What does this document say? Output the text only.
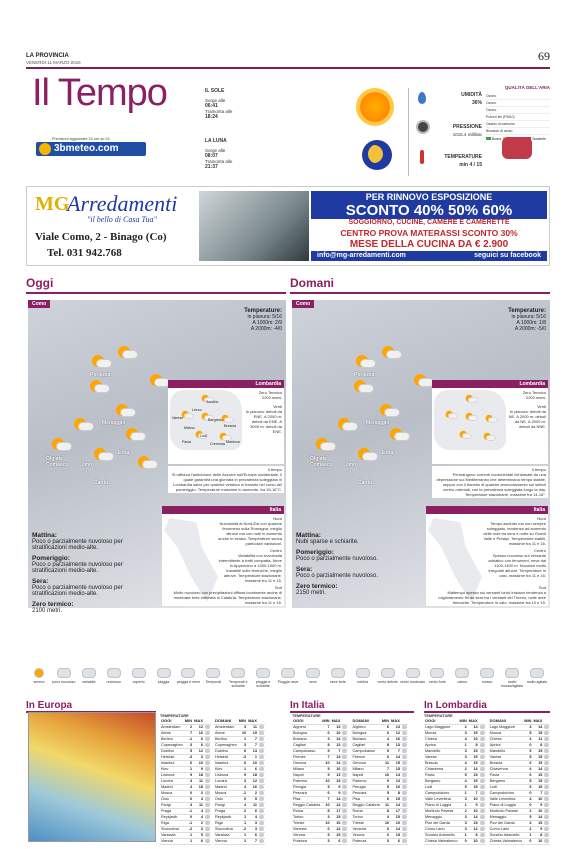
LA PROVINCIA
VENERDÌ 11 MARZO 2016	69
Il Tempo
Previsioni aggiornate 24 ore su 24
3bmeteo.com
IL SOLE
Sorge alle
06:41
Tramonta alle
18:24
LA LUNA
Sorge alle
08:07
Tramonta alle
21:37
UMIDITÀ
36%
PRESSIONE
1015.4 millibar
TEMPERATURE
min 4 / 15
QUALITÀ DELL'ARIA
Ozono
Ozono
Ozono
Polveri fini (PM10)
Ossido di carbonio
Biossido di azoto
Buona	Scadente
MG
Arredamenti
"il bello di Casa Tua"
Viale Como, 2 - Binago (Co)
Tel. 031 942.768
PER RINNOVO ESPOSIZIONE
SCONTO 40% 50% 60%
SOGGIORNO, CUCINE, CAMERE E CAMERETTE
CENTRO PROVA MATERASSI SCONTO 30%
MESE DELLA CUCINA DA € 2.900
info@mg-arredamenti.com	seguici su facebook
Oggi	Domani
Como
Temperature:
in pianura: 5/16
A 1000m: 2/9
A 2000m: -4/0
Porlezza
Menaggio
Como
Olgiate Comasco
Cantù
Erba
Lombardia
Sondrio
Lecco
Varese	Bergamo
Brescia
Milano
Lodi
Pavia	Cremona Mantova
Zero Termico
2200 metri.
Venti
In pianura: deboli da ENE. A 2000 m: deboli da ENE. A 3000 m: deboli da ENE.
Il tempo
Si rafforza l'anticiclone delle Azzorre sull'Europa occidentale, il quale garantirà una giornata in prevalenza soleggiata in Lombardia salvo per qualche velatura in transito nel corso del pomeriggio. Temperature massime in aumento, tra 15-16°C.
Italia
Nord
Nuvolosità al Nord-Est con qualche fenomeno sulla Romagna, meglio altrove ma con nubi in aumento anche in serata. Temperature senza particolari variazioni.
Centro
Variabilità con nuvolosità intermittente a tratti compatta. Neve in Appennino a 1300-1900 m. Instabile sulle tirreniche, meglio altrove. Temperature stazionarie, massime tra 11 e 15.
Sud
Molto nuvoloso con precipitazioni diffuse localmente anche di moderata forte intensità in Calabria. Temperature stazionarie, massime tra 11 e 16.
Mattina:
Poco o parzialmente nuvoloso per stratificazioni medio-alte.
Pomeriggio:
Poco o parzialmente nuvoloso per stratificazioni medio-alte.
Sera:
Poco o parzialmente nuvoloso per stratificazioni medio-alte.
Zero termico:
2100 metri.
Como
Temperature:
in pianura: 5/16
A 1000m: 1/8
A 2000m: -5/0
Porlezza
Menaggio
Como
Olgiate Comasco
Cantù
Erba
Lombardia
Zero Termico
2200 metri.
Venti
In pianura: deboli da NE. A 2000 m: deboli da NE. A 3000 m: deboli da NNE.
Il tempo
Permangono correnti nordorientali richiamate da una depressione sul Mediterraneo che determinano tempo stabile, seppur con il transito di qualche annuvolamento sui settori centro-orientali, con la prevalenza soleggiata lungo la day. Temperature stazionarie, massime tra 14-16°.
Italia
Nord
Tempo asciutto ma non sempre soleggiato, tendenza ad aumento delle nubi tra sera e notte su Grand Valle e Prealpi. Temperature stabili, massime tra 11 e 16.
Centro
Spesso nuvoloso sul versante adriatico con fenomeni, neve dai 1100-1400 m. Nuvolosi molto irregolari altrove. Temperature in calo, massime tra 11 e 16.
Sud
Maltempo spesso sui versanti ionici iniziano tendenza a miglioramento fin da sera tra i versanti del Tirreno, nelle aree tirreniche. Temperature in calo, massime tra 10 e 15.
Mattina:
Nubi sparse e schiarite.
Pomeriggio:
Poco o parzialmente nuvoloso.
Sera:
Poco o parzialmente nuvoloso.
Zero termico:
2150 metri.
sereno	poco nuvoloso	variabile	nuvoloso	coperto	pioggia	pioggia e neve	Temporali	Temporali e schiarite
pioggia e schiarite
Pioggia neve	neve	neve forte	nebbia	vento debole vento moderato	vento forte	calmo	mosso	molto mosso/agitato
molto agitato
In Europa	In Italia	In Lombardia
TEMPERATURE
OGGI	MIN	MAX	
Amsterdam	2	12	
Atene	7	10	
Berlino	-1	6	
Copenaghen	3	6	
Dublino	5	12	
Helsinki	-3	3	
Istanbul	6	10	
Kiev	1	9	
Lisbona	9	18	
Londra	3	11	
Madrid	4	18	
Mosca	0	2	
Oslo	0	3	
Parigi	3	11	
Praga	-1	4	
Reykjavik	0	4	
Riga	-1	2	
Stoccolma	-2	3	
Varsavia	1	5	
Vienna	1	6	
DOMANI	MIN	MAX	
Amsterdam	3	11	
Atene	10	19	
Berlino	1	7	
Copenaghen	3	7	
Dublino	6	13	
Helsinki	-3	1	
Istanbul	6	10	
Kiev	1	6	
Lisbona	9	18	
Londra	3	12	
Madrid	4	16	
Mosca	-1	2	
Oslo	0	5	
Parigi	4	11	
Praga	2	6	
Reykjavik	1	4	
Riga	1	3	
Stoccolma	-2	3	
Varsavia	1	6	
Vienna	1	7	
TEMPERATURE
OGGI	MIN	MAX	
Alghero	7	13	
Bologna	6	10	
Bolzano	3	14	
Cagliari	8	13	
Campobasso	5	7	
Firenze	7	13	
Genova	10	14	
Milano	5	16	
Napoli	9	13	
Palermo	10	15	
Perugia	5	9	
Pescara	6	9	
Pisa	7	14	
Reggio Calabria	10	14	
Roma	8	17	
Torino	3	15	
Trieste	10	10	
Venezia	6	14	
Verona	5	15	
Potenza	3	6	
DOMANI	MIN	MAX	
Alghero	6	13	
Bologna	6	12	
Bolzano	4	16	
Cagliari	8	13	
Campobasso	5	7	
Firenze	6	14	
Genova	11	15	
Milano	7	15	
Napoli	10	14	
Palermo	9	13	
Perugia	5	10	
Pescara	5	8	
Pisa	6	15	
Reggio Calabria	11	14	
Roma	8	17	
Torino	4	15	
Trieste	10	10	
Venezia	6	14	
Verona	6	15	
Potenza	3	6	
TEMPERATURE
OGGI	MIN	MAX	
Lago Maggiore	2	14	
Monza	3	15	
Chiesa	4	10	
Aprica	1	8	
Mandello	3	15	
Varese	3	15	
Brescia	4	15	
Chiavenna	2	14	
Pavia	5	15	
Bergamo	4	15	
Lodi	5	15	
Campodolcino	1	7	
Valle Leventina	3	10	
Piano di Loggia	1	9	
Mortirolo Pavese	2	10	
Menaggio	3	14	
Pizz del Garda	3	15	
Como Lario	3	12	
Sondrio Adamello	1	8	
Chiesa Valmalenco	0	10	
DOMANI	MIN	MAX	
Lago Maggiore	3	14	
Monza	5	15	
Chiesa	4	11	
Aprica	0	8	
Mandello	5	15	
Varese	5	15	
Brescia	6	15	
Chiavenna	4	14	
Pavia	6	15	
Bergamo	5	15	
Lodi	5	15	
Campodolcino	0	7	
Valle Leventina	4	10	
Piano di Loggia	0	9	
Mortirolo Pavese	2	10	
Menaggio	5	14	
Pizz del Garda	4	15	
Como Lario	2	9	
Sondrio Adamello	1	8	
Chiesa Valmalenco	0	10	
